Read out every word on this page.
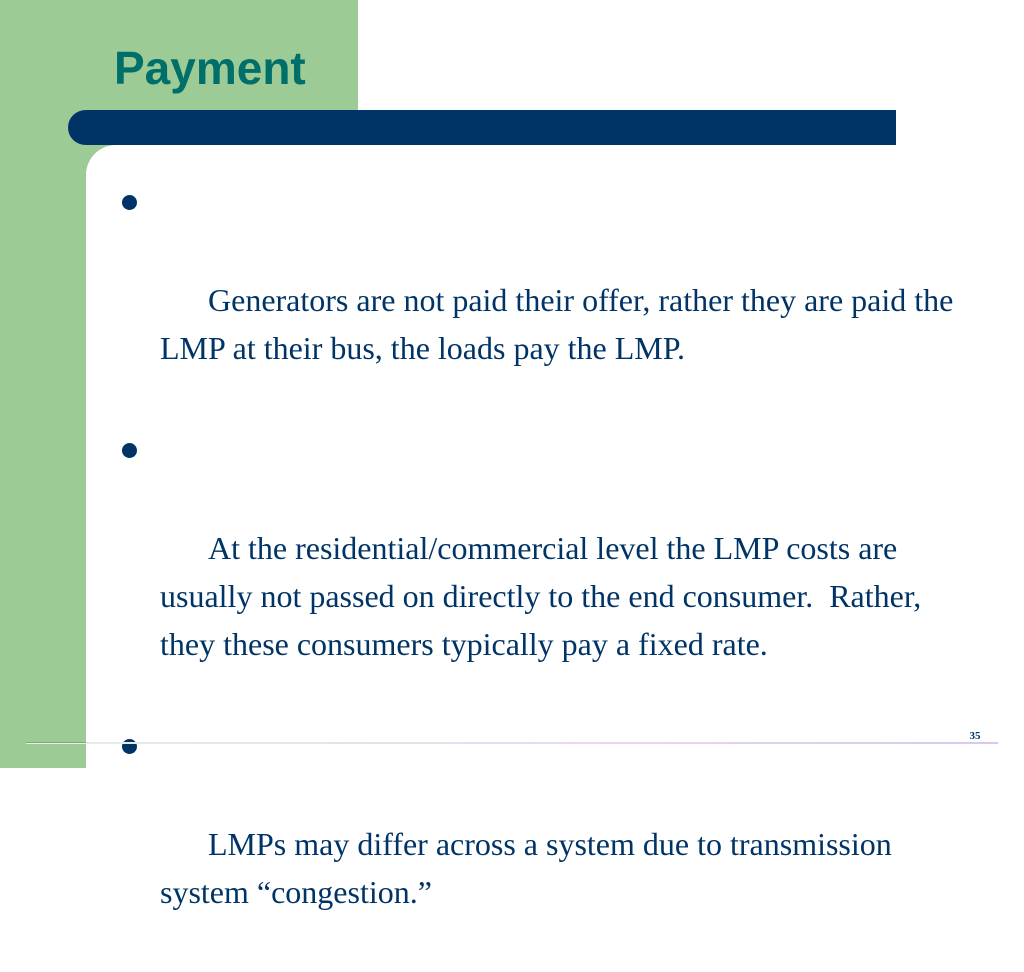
Payment

Generators are not paid their offer, rather they are paid the LMP at their bus, the loads pay the LMP.

At the residential/commercial level the LMP costs are usually not passed on directly to the end consumer.  Rather, they these consumers typically pay a fixed rate.

LMPs may differ across a system due to transmission system “congestion.”

35
